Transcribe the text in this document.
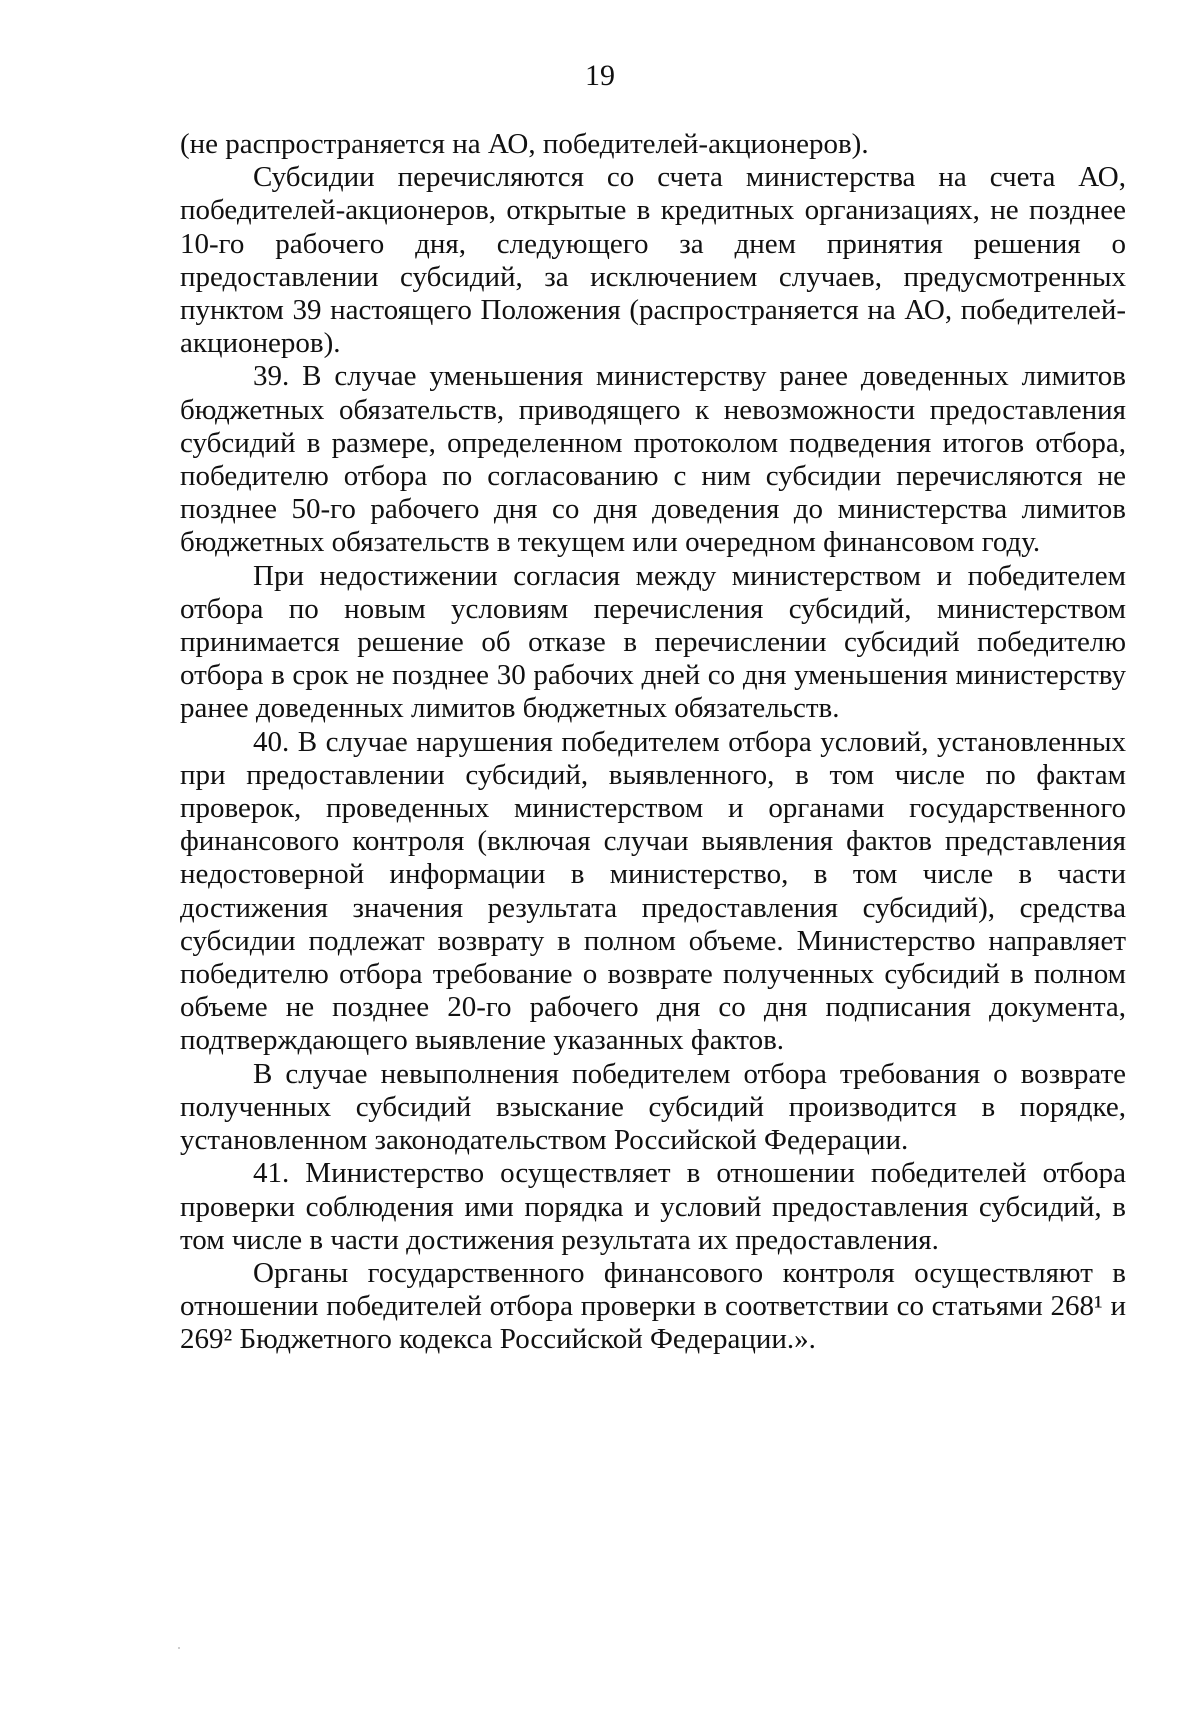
19

(не распространяется на АО, победителей-акционеров).

Субсидии перечисляются со счета министерства на счета АО, победителей-акционеров, открытые в кредитных организациях, не позднее 10-го рабочего дня, следующего за днем принятия решения о предоставлении субсидий, за исключением случаев, предусмотренных пунктом 39 настоящего Положения (распространяется на АО, победителей-акционеров).

39. В случае уменьшения министерству ранее доведенных лимитов бюджетных обязательств, приводящего к невозможности предоставления субсидий в размере, определенном протоколом подведения итогов отбора, победителю отбора по согласованию с ним субсидии перечисляются не позднее 50-го рабочего дня со дня доведения до министерства лимитов бюджетных обязательств в текущем или очередном финансовом году.

При недостижении согласия между министерством и победителем отбора по новым условиям перечисления субсидий, министерством принимается решение об отказе в перечислении субсидий победителю отбора в срок не позднее 30 рабочих дней со дня уменьшения министерству ранее доведенных лимитов бюджетных обязательств.

40. В случае нарушения победителем отбора условий, установленных при предоставлении субсидий, выявленного, в том числе по фактам проверок, проведенных министерством и органами государственного финансового контроля (включая случаи выявления фактов представления недостоверной информации в министерство, в том числе в части достижения значения результата предоставления субсидий), средства субсидии подлежат возврату в полном объеме. Министерство направляет победителю отбора требование о возврате полученных субсидий в полном объеме не позднее 20-го рабочего дня со дня подписания документа, подтверждающего выявление указанных фактов.

В случае невыполнения победителем отбора требования о возврате полученных субсидий взыскание субсидий производится в порядке, установленном законодательством Российской Федерации.

41. Министерство осуществляет в отношении победителей отбора проверки соблюдения ими порядка и условий предоставления субсидий, в том числе в части достижения результата их предоставления.

Органы государственного финансового контроля осуществляют в отношении победителей отбора проверки в соответствии со статьями 268¹ и 269² Бюджетного кодекса Российской Федерации.».
